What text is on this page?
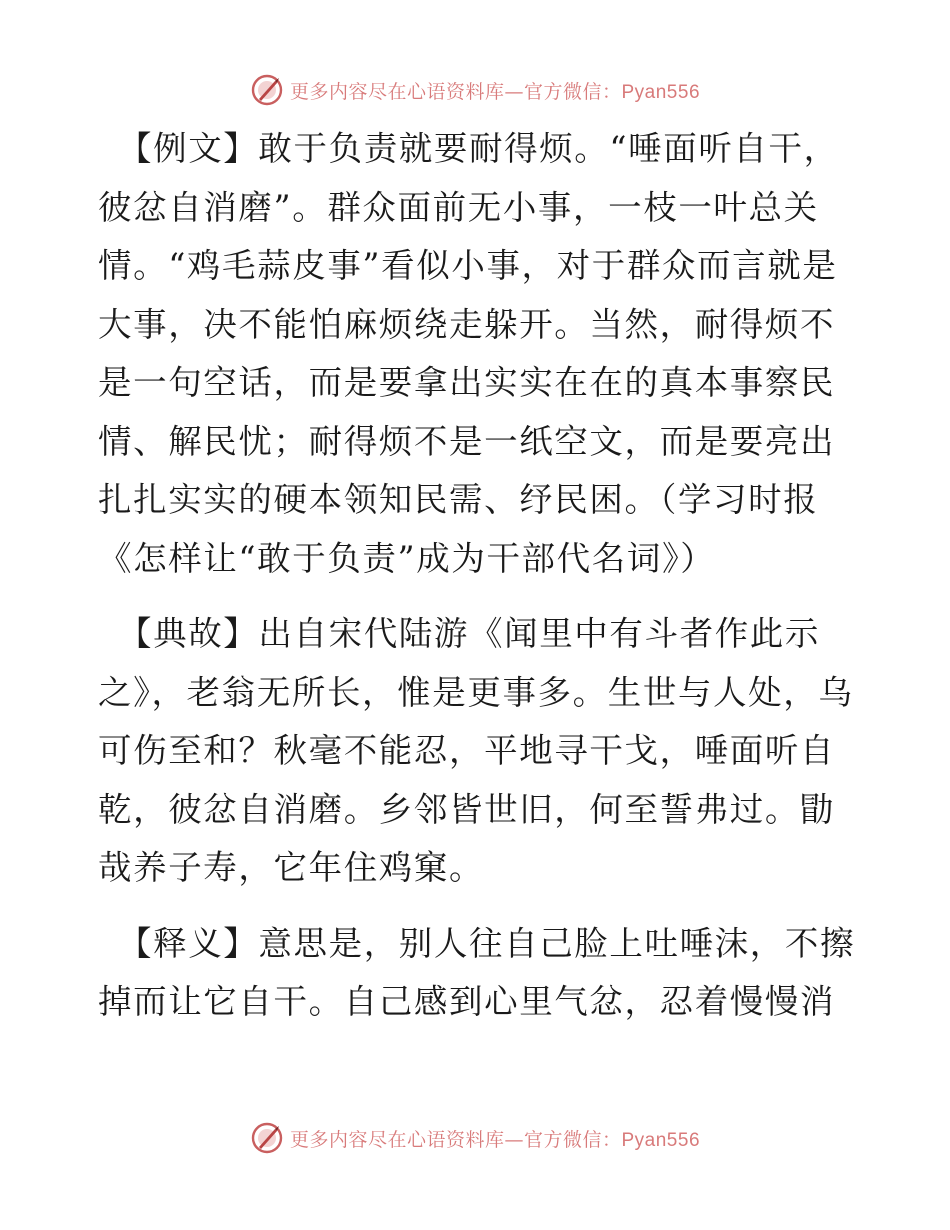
更多内容尽在心语资料库—官方微信：Pyan556

【例文】敢于负责就要耐得烦。“唾面听自干，彼忿自消磨”。群众面前无小事，一枝一叶总关情。“鸡毛蒜皮事”看似小事，对于群众而言就是大事，决不能怕麻烦绕走躲开。当然，耐得烦不是一句空话，而是要拿出实实在在的真本事察民情、解民忧；耐得烦不是一纸空文，而是要亮出扎扎实实的硬本领知民需、纾民困。（学习时报《怎样让“敢于负责”成为干部代名词》）

【典故】出自宋代陆游《闻里中有斗者作此示之》，老翁无所长，惟是更事多。生世与人处，乌可伤至和？秋毫不能忍，平地寻干戈，唾面听自乾，彼忿自消磨。乡邻皆世旧，何至誓弗过。勖哉养子寿，它年住鸡窠。

【释义】意思是，别人往自己脸上吐唾沫，不擦掉而让它自干。自己感到心里气忿，忍着慢慢消

更多内容尽在心语资料库—官方微信：Pyan556
